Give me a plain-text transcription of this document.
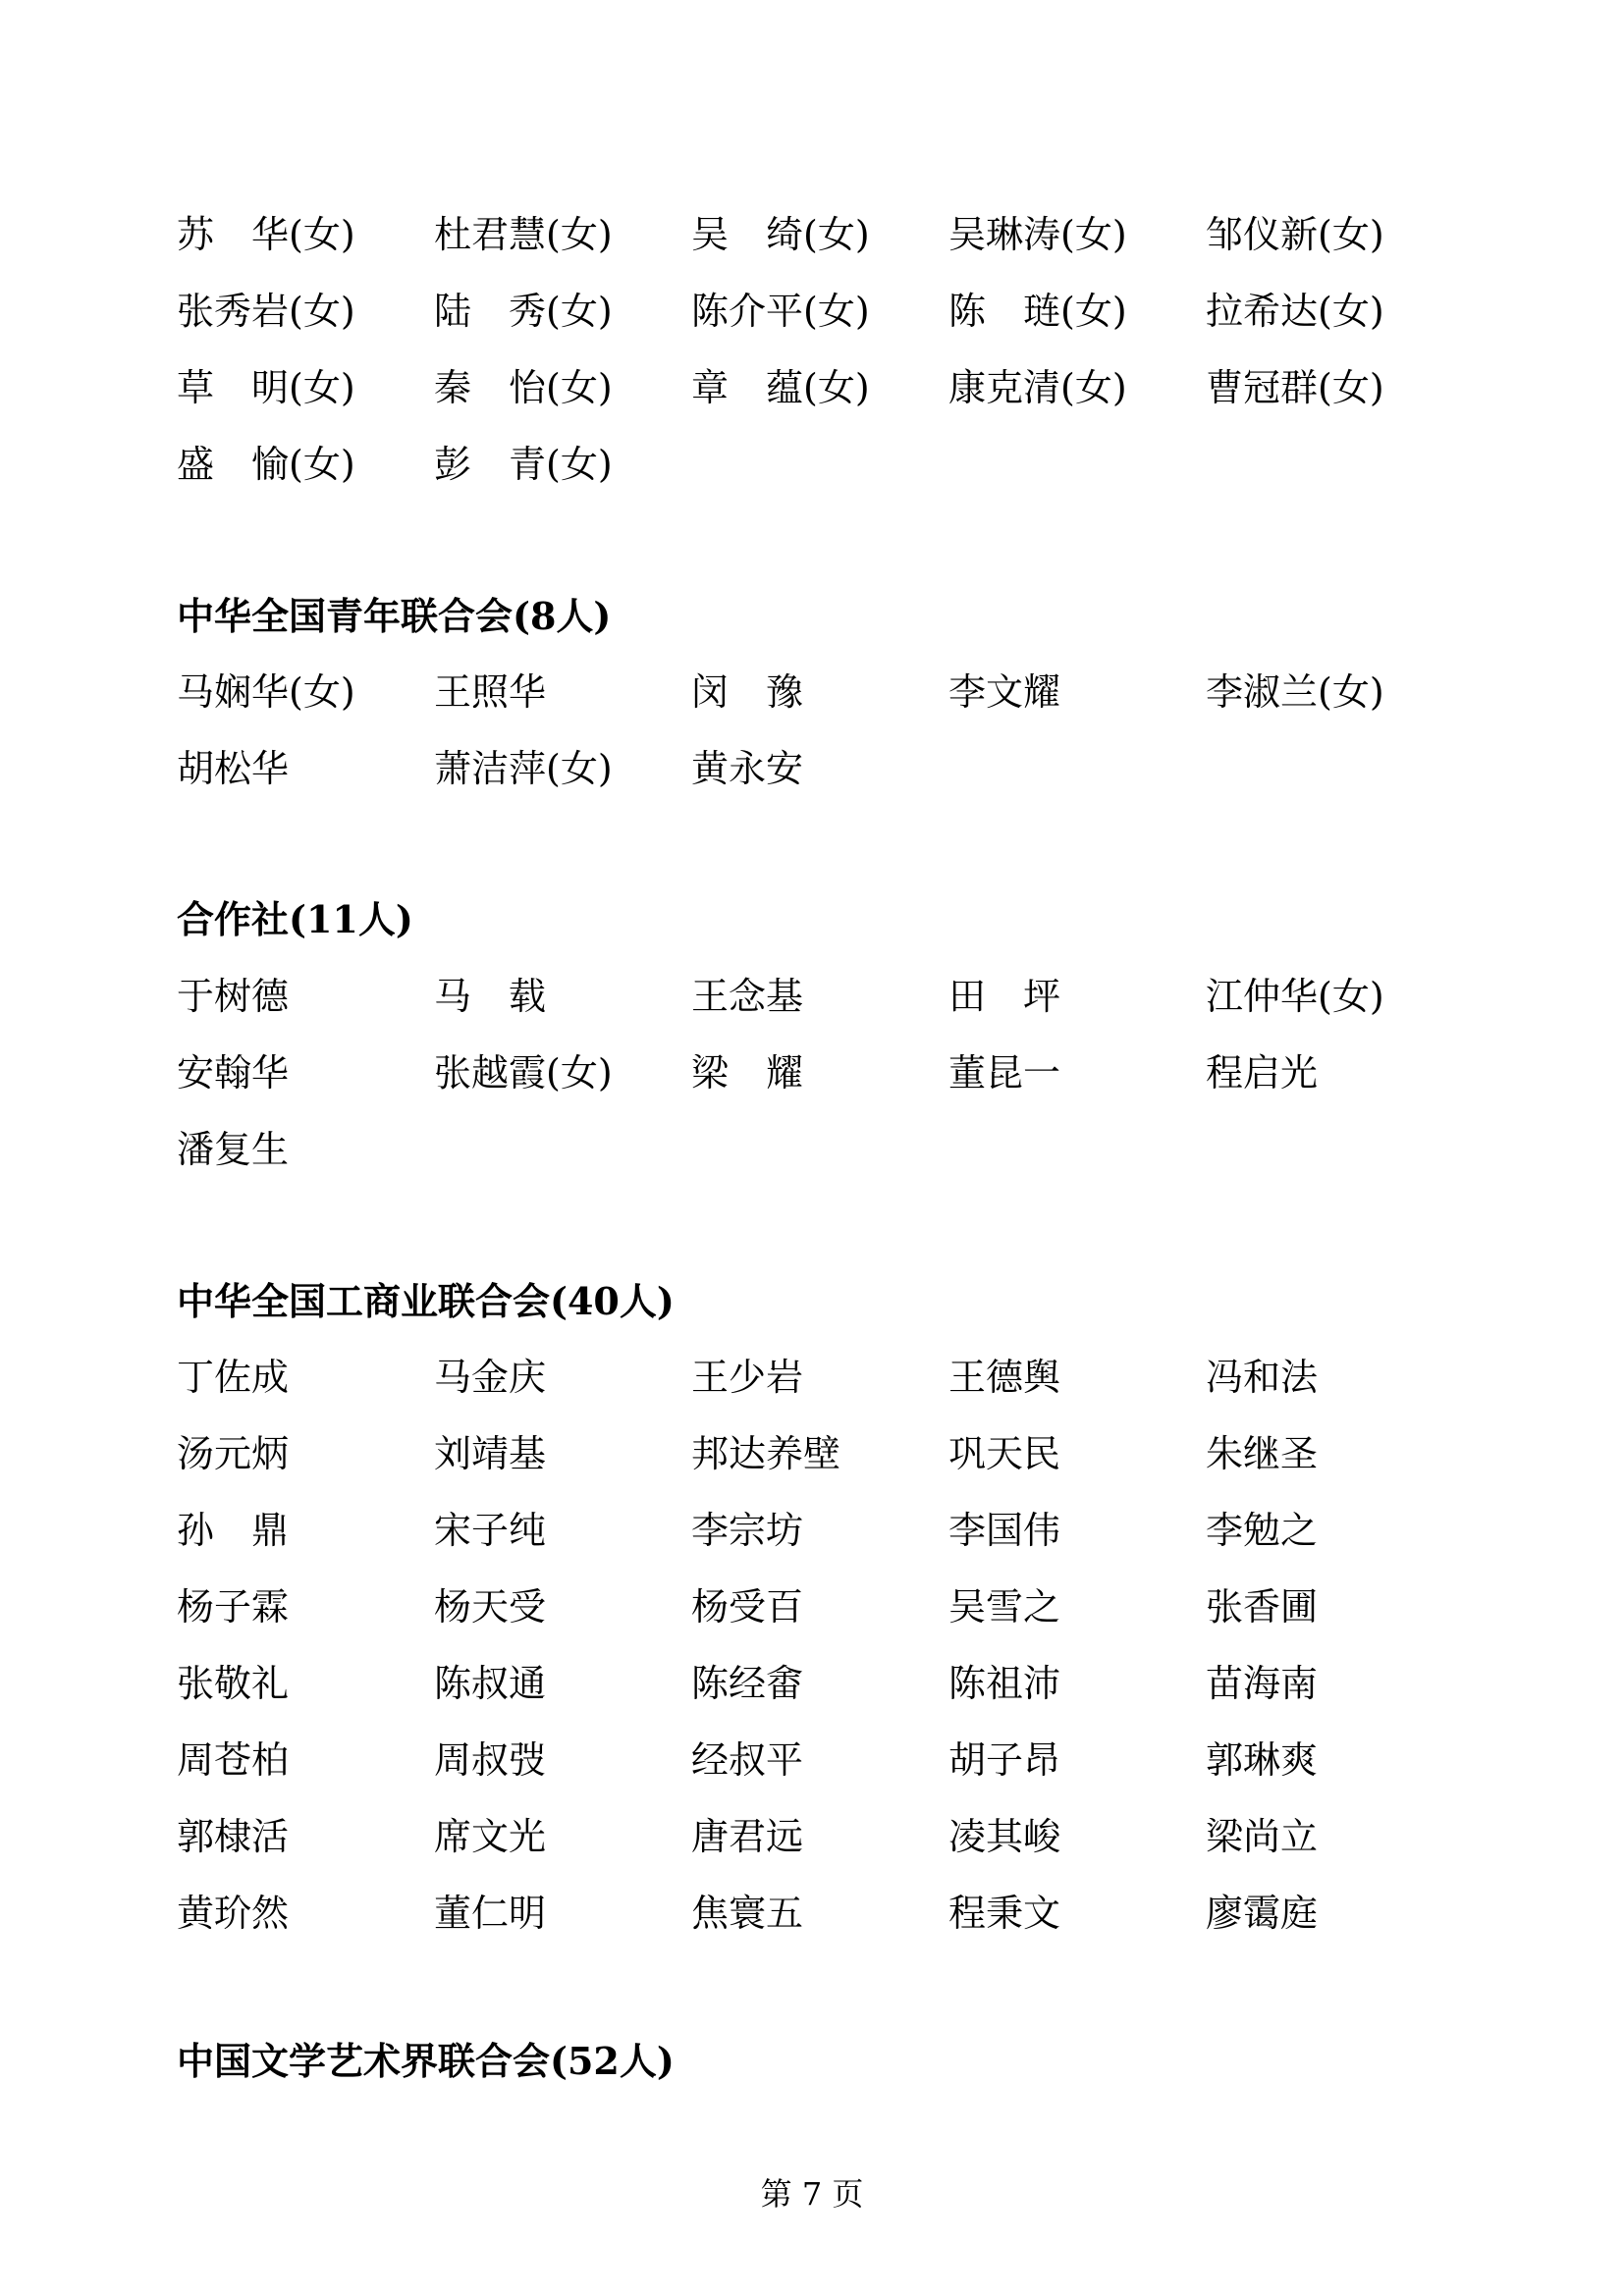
苏　华(女)	杜君慧(女)	吴　绮(女)	吴琳涛(女)	邹仪新(女)
张秀岩(女)	陆　秀(女)	陈介平(女)	陈　琏(女)	拉希达(女)
草　明(女)	秦　怡(女)	章　蕴(女)	康克清(女)	曹冠群(女)
盛　愉(女)	彭　青(女)
中华全国青年联合会(8人)
马娴华(女)	王照华	闵　豫	李文耀	李淑兰(女)
胡松华	萧洁萍(女)	黄永安
合作社(11人)
于树德	马　载	王念基	田　坪	江仲华(女)
安翰华	张越霞(女)	梁　耀	董昆一	程启光
潘复生
中华全国工商业联合会(40人)
丁佐成	马金庆	王少岩	王德舆	冯和法
汤元炳	刘靖基	邦达养壁	巩天民	朱继圣
孙　鼎	宋子纯	李宗坊	李国伟	李勉之
杨子霖	杨天受	杨受百	吴雪之	张香圃
张敬礼	陈叔通	陈经畬	陈祖沛	苗海南
周苍柏	周叔弢	经叔平	胡子昂	郭琳爽
郭棣活	席文光	唐君远	凌其峻	梁尚立
黄玠然	董仁明	焦寰五	程秉文	廖霭庭
中国文学艺术界联合会(52人)
第 7 页
